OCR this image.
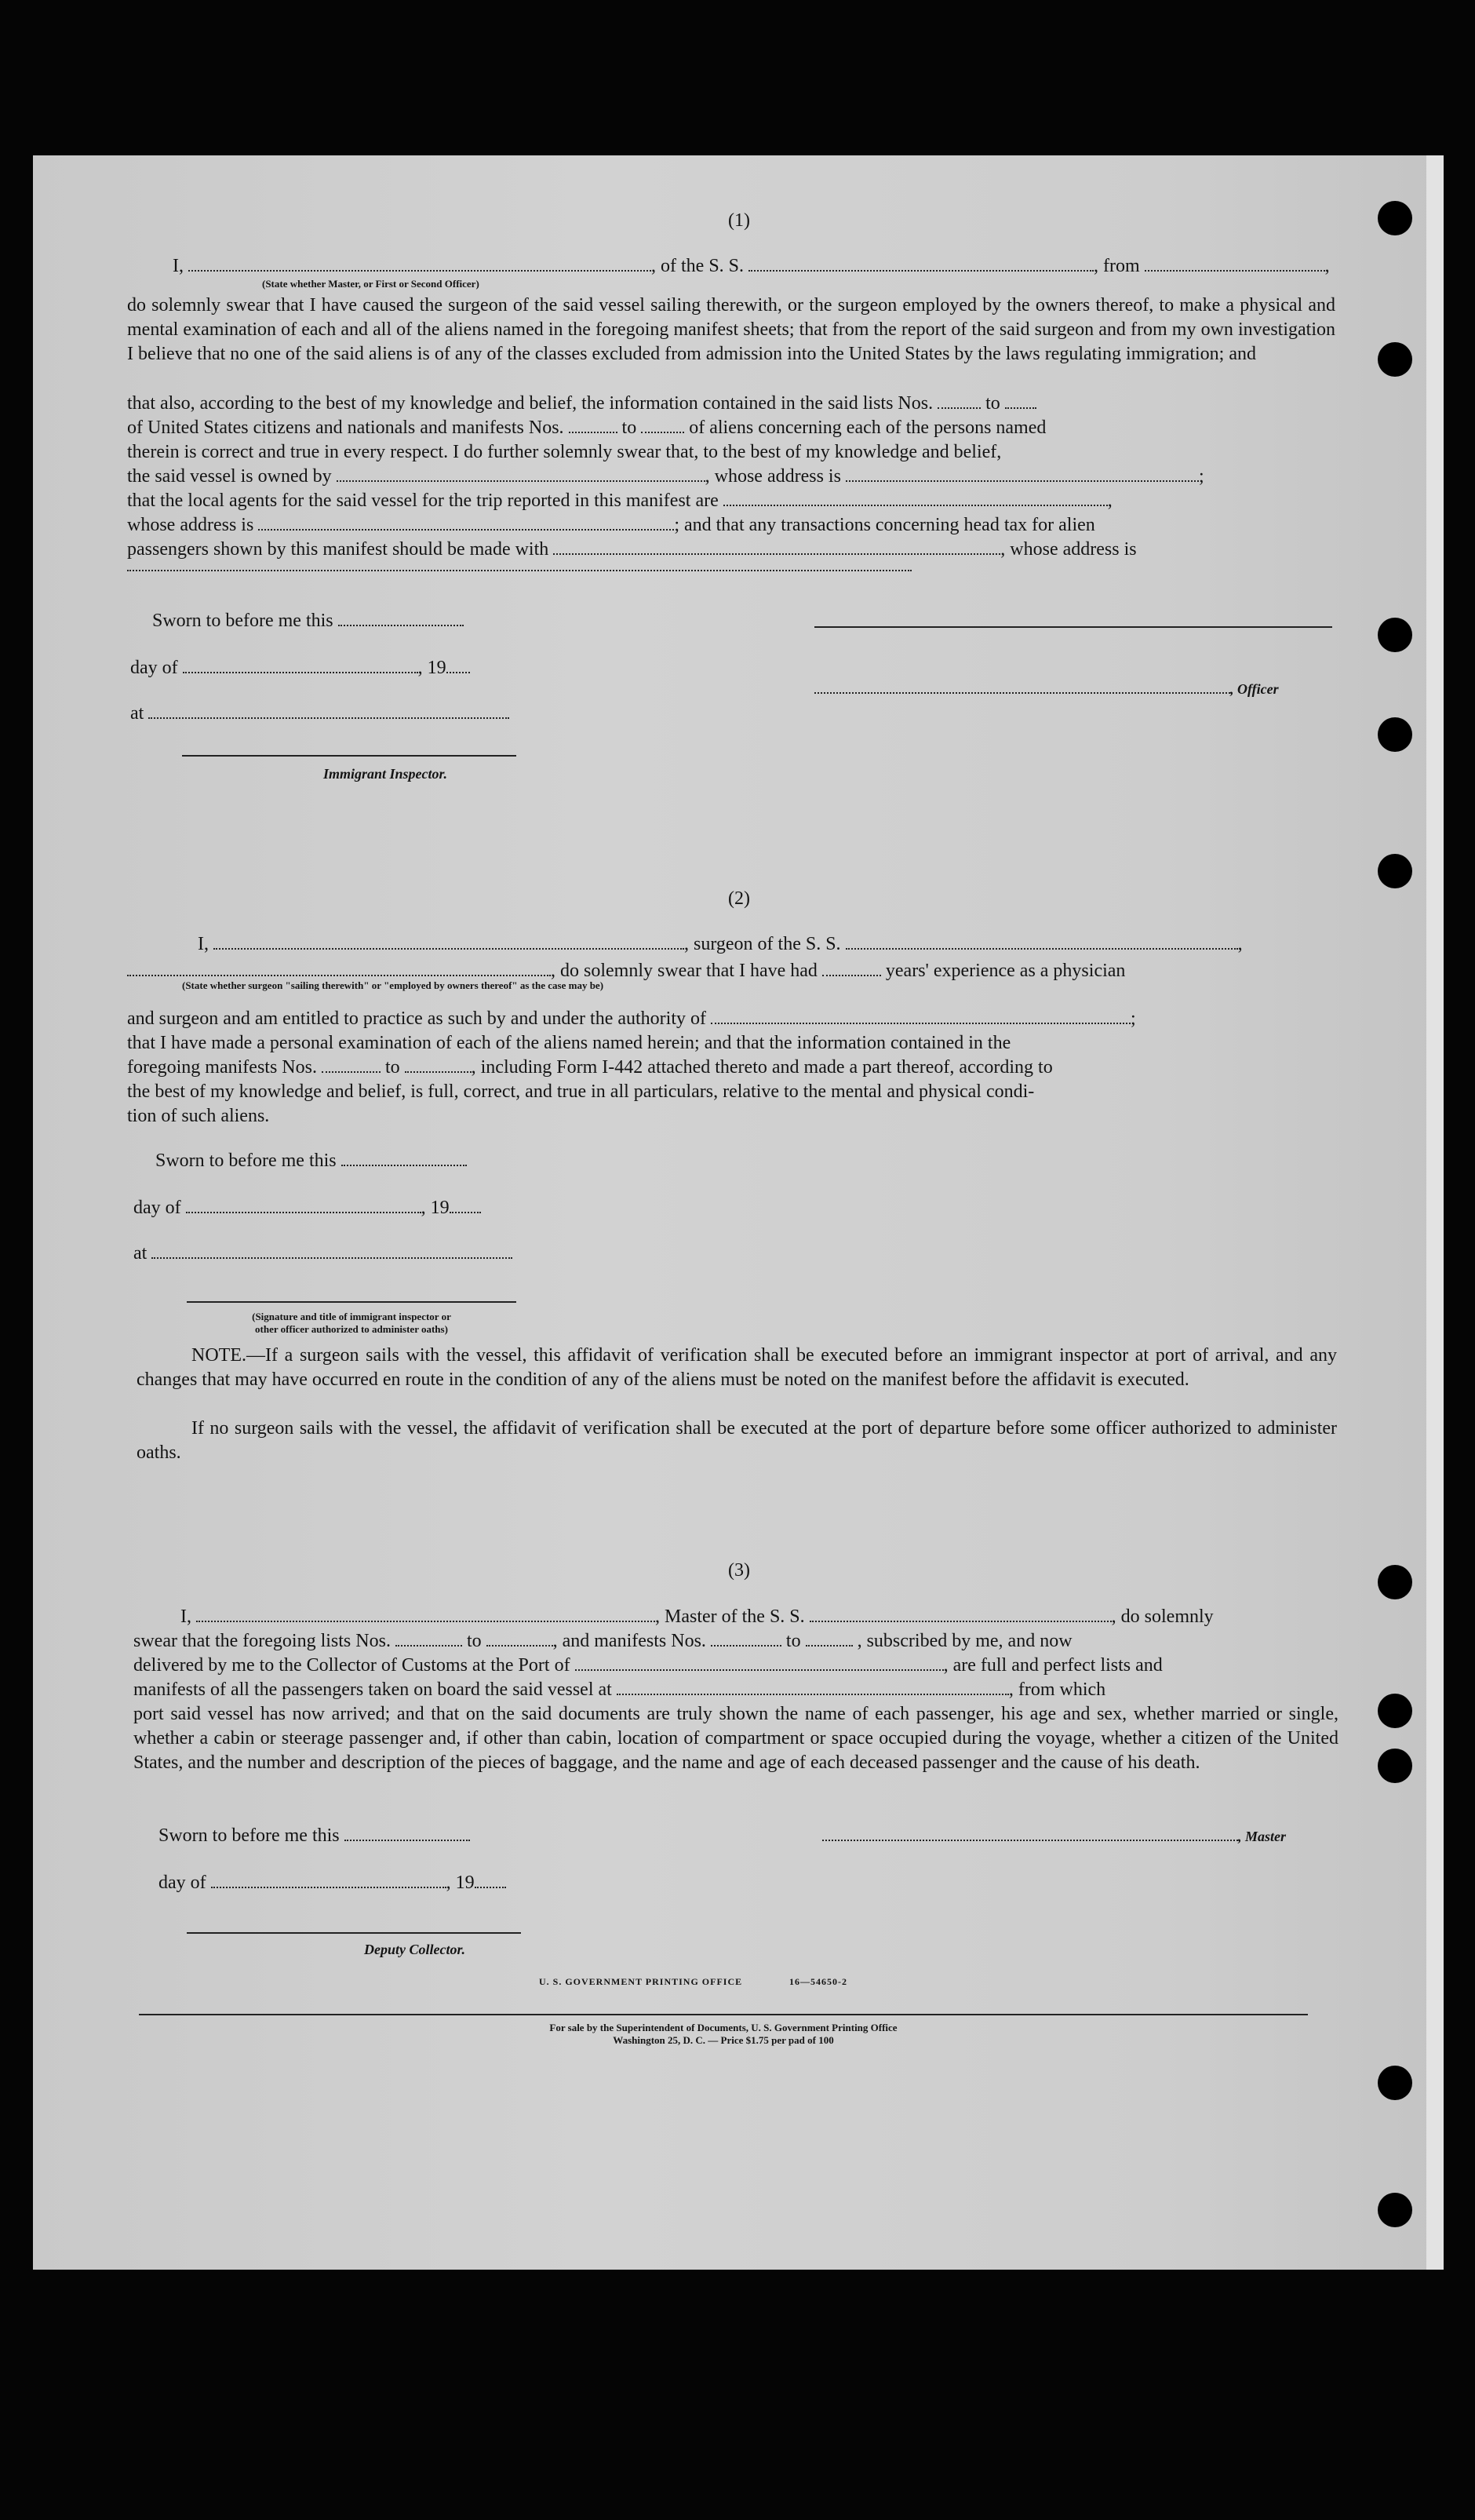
(1)
I,	, of the S. S.	, from	,
(State whether Master, or First or Second Officer)
do solemnly swear that I have caused the surgeon of the said vessel sailing therewith, or the surgeon employed by the owners thereof, to make a physical and mental examination of each and all of the aliens named in the foregoing manifest sheets; that from the report of the said surgeon and from my own investigation I believe that no one of the said aliens is of any of the classes excluded from admission into the United States by the laws regulating immigration; and
that also, according to the best of my knowledge and belief, the information contained in the said lists Nos.	to
of United States citizens and nationals and manifests Nos.	to	of aliens concerning each of the persons named
therein is correct and true in every respect. I do further solemnly swear that, to the best of my knowledge and belief,
the said vessel is owned by	, whose address is	;
that the local agents for the said vessel for the trip reported in this manifest are	,
whose address is	; and that any transactions concerning head tax for alien
passengers shown by this manifest should be made with	, whose address is
Sworn to before me this
day of	, 19
, Officer
at
Immigrant Inspector.
(2)
I,	, surgeon of the S. S.	,
, do solemnly swear that I have had	years' experience as a physician
(State whether surgeon "sailing therewith" or "employed by owners thereof" as the case may be)
and surgeon and am entitled to practice as such by and under the authority of	;
that I have made a personal examination of each of the aliens named herein; and that the information contained in the
foregoing manifests Nos.	to	, including Form I-442 attached thereto and made a part thereof, according to
the best of my knowledge and belief, is full, correct, and true in all particulars, relative to the mental and physical condi-
tion of such aliens.
Sworn to before me this
day of	, 19
at
(Signature and title of immigrant inspector or
other officer authorized to administer oaths)
NOTE.—If a surgeon sails with the vessel, this affidavit of verification shall be executed before an immigrant inspector at port of arrival, and any changes that may have occurred en route in the condition of any of the aliens must be noted on the manifest before the affidavit is executed.
If no surgeon sails with the vessel, the affidavit of verification shall be executed at the port of departure before some officer authorized to administer oaths.
(3)
I,	, Master of the S. S.	, do solemnly
swear that the foregoing lists Nos.	to	, and manifests Nos.	to	, subscribed by me, and now
delivered by me to the Collector of Customs at the Port of	, are full and perfect lists and
manifests of all the passengers taken on board the said vessel at	, from which
port said vessel has now arrived; and that on the said documents are truly shown the name of each passenger, his age and sex, whether married or single, whether a cabin or steerage passenger and, if other than cabin, location of compartment or space occupied during the voyage, whether a citizen of the United States, and the number and description of the pieces of baggage, and the name and age of each deceased passenger and the cause of his death.
Sworn to before me this	, Master
day of	, 19
Deputy Collector.
U. S. GOVERNMENT PRINTING OFFICE	16—54650-2
For sale by the Superintendent of Documents, U. S. Government Printing Office
Washington 25, D. C. — Price $1.75 per pad of 100
